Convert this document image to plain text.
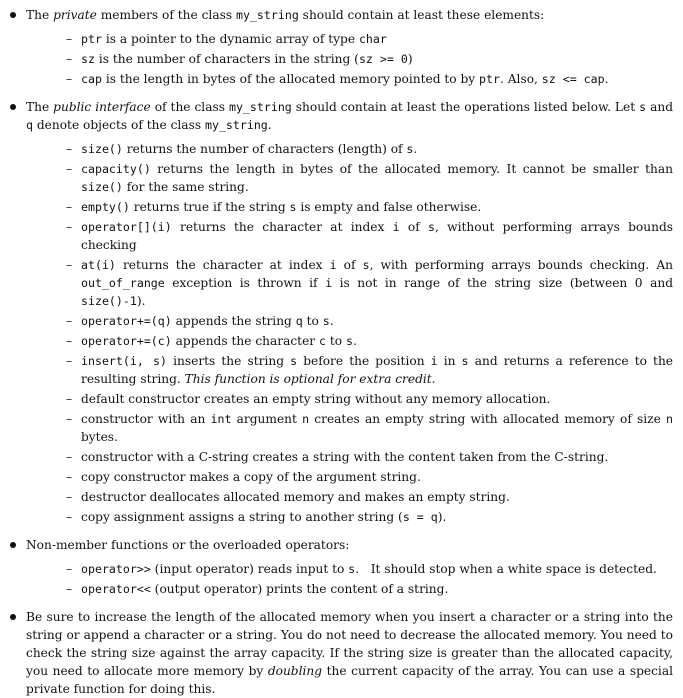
The private members of the class my_string should contain at least these elements:
– ptr is a pointer to the dynamic array of type char
– sz is the number of characters in the string (sz >= 0)
– cap is the length in bytes of the allocated memory pointed to by ptr. Also, sz <= cap.
The public interface of the class my_string should contain at least the operations listed below. Let s and q denote objects of the class my_string.
– size() returns the number of characters (length) of s.
– capacity() returns the length in bytes of the allocated memory. It cannot be smaller than size() for the same string.
– empty() returns true if the string s is empty and false otherwise.
– operator[](i) returns the character at index i of s, without performing arrays bounds checking
– at(i) returns the character at index i of s, with performing arrays bounds checking. An out_of_range exception is thrown if i is not in range of the string size (between 0 and size()-1).
– operator+=(q) appends the string q to s.
– operator+=(c) appends the character c to s.
– insert(i, s) inserts the string s before the position i in s and returns a reference to the resulting string. This function is optional for extra credit.
– default constructor creates an empty string without any memory allocation.
– constructor with an int argument n creates an empty string with allocated memory of size n bytes.
– constructor with a C-string creates a string with the content taken from the C-string.
– copy constructor makes a copy of the argument string.
– destructor deallocates allocated memory and makes an empty string.
– copy assignment assigns a string to another string (s = q).
Non-member functions or the overloaded operators:
– operator>> (input operator) reads input to s.   It should stop when a white space is detected.
– operator<< (output operator) prints the content of a string.
Be sure to increase the length of the allocated memory when you insert a character or a string into the string or append a character or a string. You do not need to decrease the allocated memory. You need to check the string size against the array capacity. If the string size is greater than the allocated capacity, you need to allocate more memory by doubling the current capacity of the array. You can use a special private function for doing this.
